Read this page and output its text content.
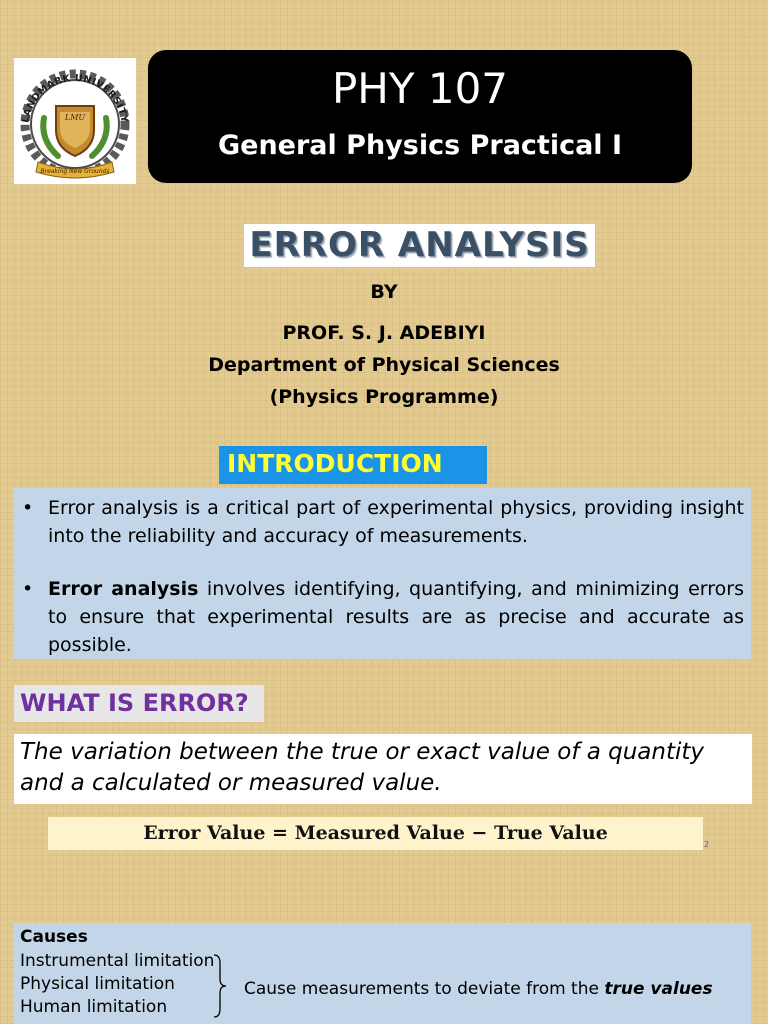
LANDMARK UNIVERSITY
LMU
Breaking New Grounds
PHY 107
General Physics Practical I
ERROR ANALYSIS
BY
PROF. S. J. ADEBIYI
Department of Physical Sciences
(Physics Programme)
INTRODUCTION
• Error analysis is a critical part of experimental physics, providing insight into the reliability and accuracy of measurements.
• Error analysis involves identifying, quantifying, and minimizing errors to ensure that experimental results are as precise and accurate as possible.
WHAT IS ERROR?
The variation between the true or exact value of a quantity and a calculated or measured value.
Error Value = Measured Value − True Value
2
Causes
Instrumental limitation
Physical limitation
Human limitation
Cause measurements to deviate from the true values
